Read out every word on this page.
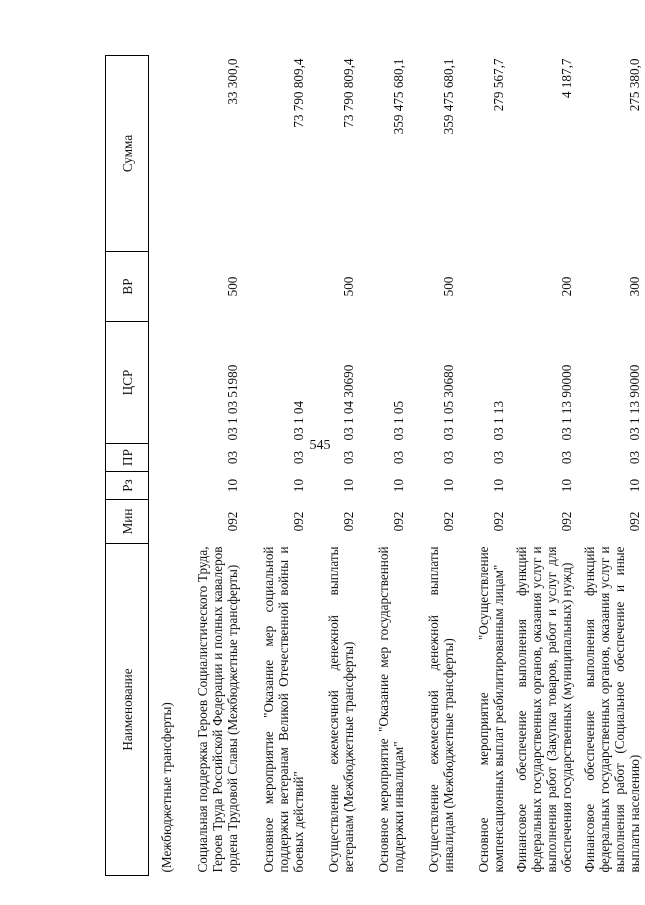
545
Наименование	Мин	Рз	ПР	ЦСР	ВР	Сумма
(Межбюджетные трансферты)						
Социальная поддержка Героев Социалистического Труда, Героев Труда Российской Федерации и полных кавалеров ордена Трудовой Славы (Межбюджетные трансферты)	092	10	03	03 1 03 51980	500	33 300,0
Основное мероприятие "Оказание мер социальной поддержки ветеранам Великой Отечественной войны и боевых действий"	092	10	03	03 1 04		73 790 809,4
Осуществление ежемесячной денежной выплаты ветеранам (Межбюджетные трансферты)	092	10	03	03 1 04 30690	500	73 790 809,4
Основное мероприятие "Оказание мер государственной поддержки инвалидам"	092	10	03	03 1 05		359 475 680,1
Осуществление ежемесячной денежной выплаты инвалидам (Межбюджетные трансферты)	092	10	03	03 1 05 30680	500	359 475 680,1
Основное мероприятие "Осуществление компенсационных выплат реабилитированным лицам"	092	10	03	03 1 13		279 567,7
Финансовое обеспечение выполнения функций федеральных государственных органов, оказания услуг и выполнения работ (Закупка товаров, работ и услуг для обеспечения государственных (муниципальных) нужд)	092	10	03	03 1 13 90000	200	4 187,7
Финансовое обеспечение выполнения функций федеральных государственных органов, оказания услуг и выполнения работ (Социальное обеспечение и иные выплаты населению)	092	10	03	03 1 13 90000	300	275 380,0
